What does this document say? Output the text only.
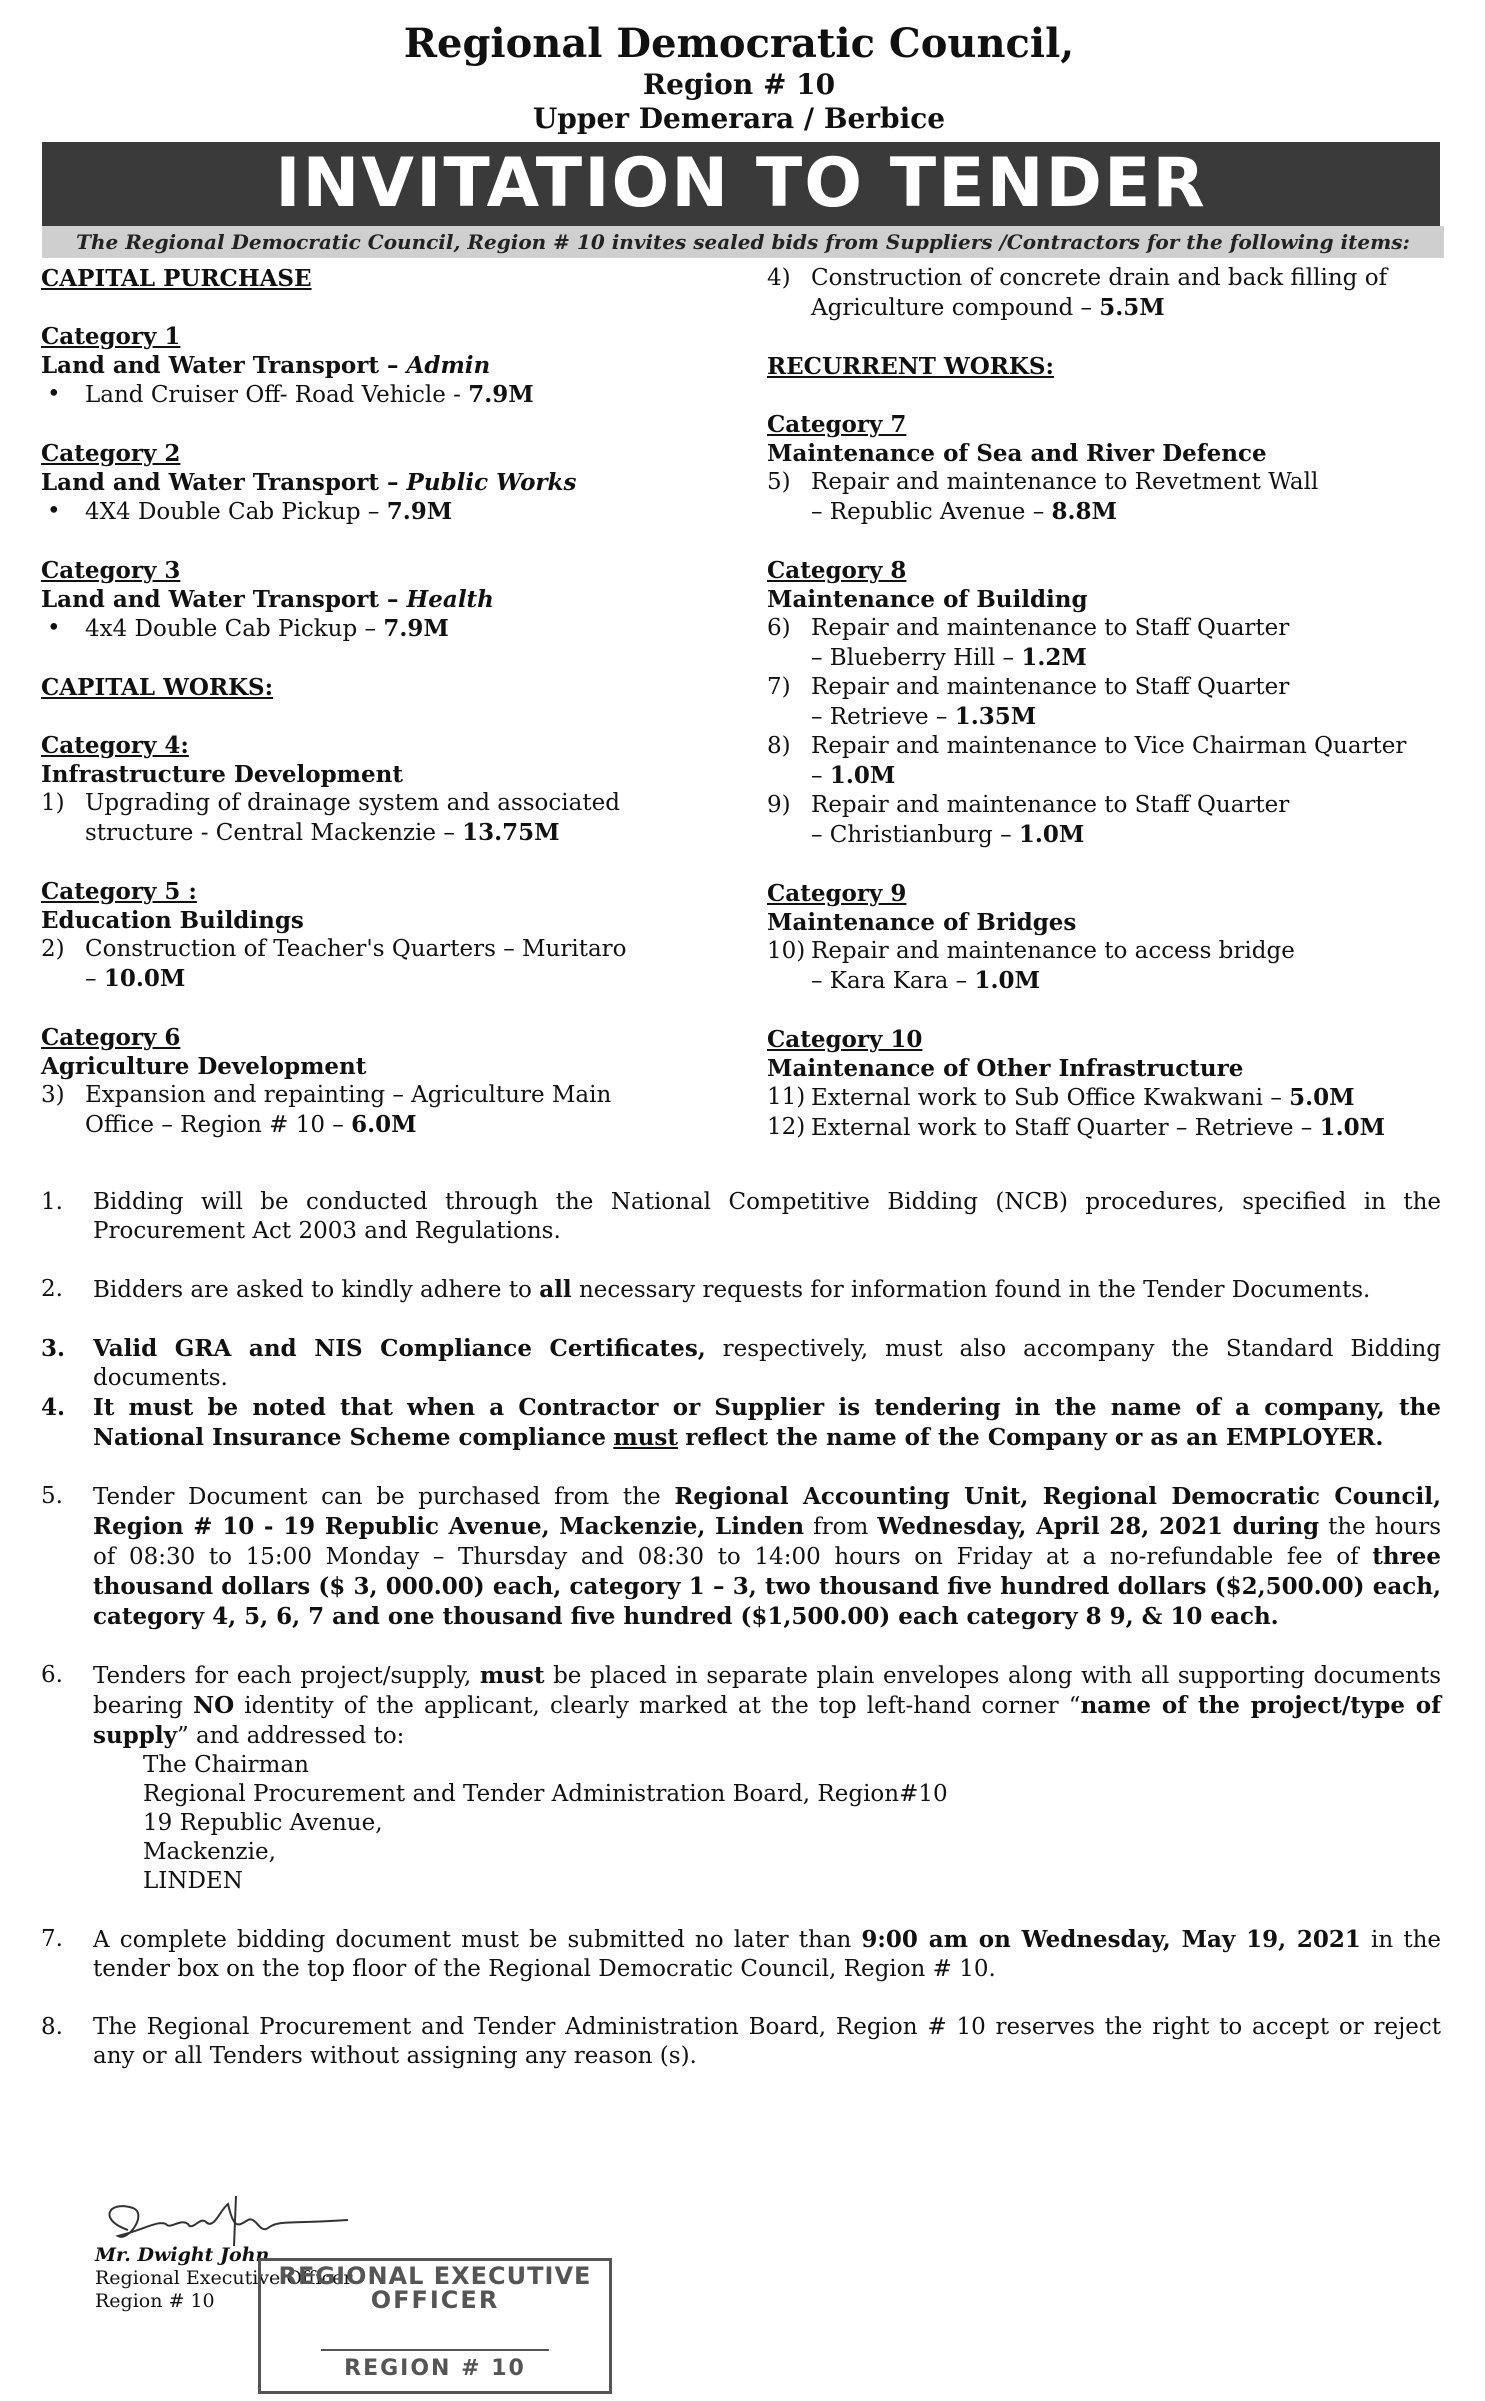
Regional Democratic Council,
Region # 10
Upper Demerara / Berbice
INVITATION TO TENDER
The Regional Democratic Council, Region # 10 invites sealed bids from Suppliers /Contractors for the following items:
CAPITAL PURCHASE
Category 1
Land and Water Transport – Admin
• Land Cruiser Off- Road Vehicle - 7.9M
Category 2
Land and Water Transport – Public Works
• 4X4 Double Cab Pickup – 7.9M
Category 3
Land and Water Transport – Health
• 4x4 Double Cab Pickup – 7.9M
CAPITAL WORKS:
Category 4:
Infrastructure Development
1) Upgrading of drainage system and associated
structure - Central Mackenzie – 13.75M
Category 5 :
Education Buildings
2) Construction of Teacher's Quarters – Muritaro
– 10.0M
Category 6
Agriculture Development
3) Expansion and repainting – Agriculture Main
Office – Region # 10 – 6.0M
4) Construction of concrete drain and back filling of
Agriculture compound – 5.5M
RECURRENT WORKS:
Category 7
Maintenance of Sea and River Defence
5) Repair and maintenance to Revetment Wall
– Republic Avenue – 8.8M
Category 8
Maintenance of Building
6) Repair and maintenance to Staff Quarter
– Blueberry Hill – 1.2M
7) Repair and maintenance to Staff Quarter
– Retrieve – 1.35M
8) Repair and maintenance to Vice Chairman Quarter
– 1.0M
9) Repair and maintenance to Staff Quarter
– Christianburg – 1.0M
Category 9
Maintenance of Bridges
10) Repair and maintenance to access bridge
– Kara Kara – 1.0M
Category 10
Maintenance of Other Infrastructure
11) External work to Sub Office Kwakwani – 5.0M
12) External work to Staff Quarter – Retrieve – 1.0M
1. Bidding will be conducted through the National Competitive Bidding (NCB) procedures, specified in the Procurement Act 2003 and Regulations.
2. Bidders are asked to kindly adhere to all necessary requests for information found in the Tender Documents.
3. Valid GRA and NIS Compliance Certificates, respectively, must also accompany the Standard Bidding documents.
4. It must be noted that when a Contractor or Supplier is tendering in the name of a company, the National Insurance Scheme compliance must reflect the name of the Company or as an EMPLOYER.
5. Tender Document can be purchased from the Regional Accounting Unit, Regional Democratic Council, Region # 10 - 19 Republic Avenue, Mackenzie, Linden from Wednesday, April 28, 2021 during the hours of 08:30 to 15:00 Monday – Thursday and 08:30 to 14:00 hours on Friday at a no-refundable fee of three thousand dollars ($ 3, 000.00) each, category 1 – 3, two thousand five hundred dollars ($2,500.00) each, category 4, 5, 6, 7 and one thousand five hundred ($1,500.00) each category 8 9, & 10 each.
6. Tenders for each project/supply, must be placed in separate plain envelopes along with all supporting documents bearing NO identity of the applicant, clearly marked at the top left-hand corner “name of the project/type of supply” and addressed to:
The Chairman
Regional Procurement and Tender Administration Board, Region#10
19 Republic Avenue,
Mackenzie,
LINDEN
7. A complete bidding document must be submitted no later than 9:00 am on Wednesday, May 19, 2021 in the tender box on the top floor of the Regional Democratic Council, Region # 10.
8. The Regional Procurement and Tender Administration Board, Region # 10 reserves the right to accept or reject any or all Tenders without assigning any reason (s).
Mr. Dwight John
Regional Executive Officer
Region # 10
REGIONAL EXECUTIVE
OFFICER
REGION # 10
